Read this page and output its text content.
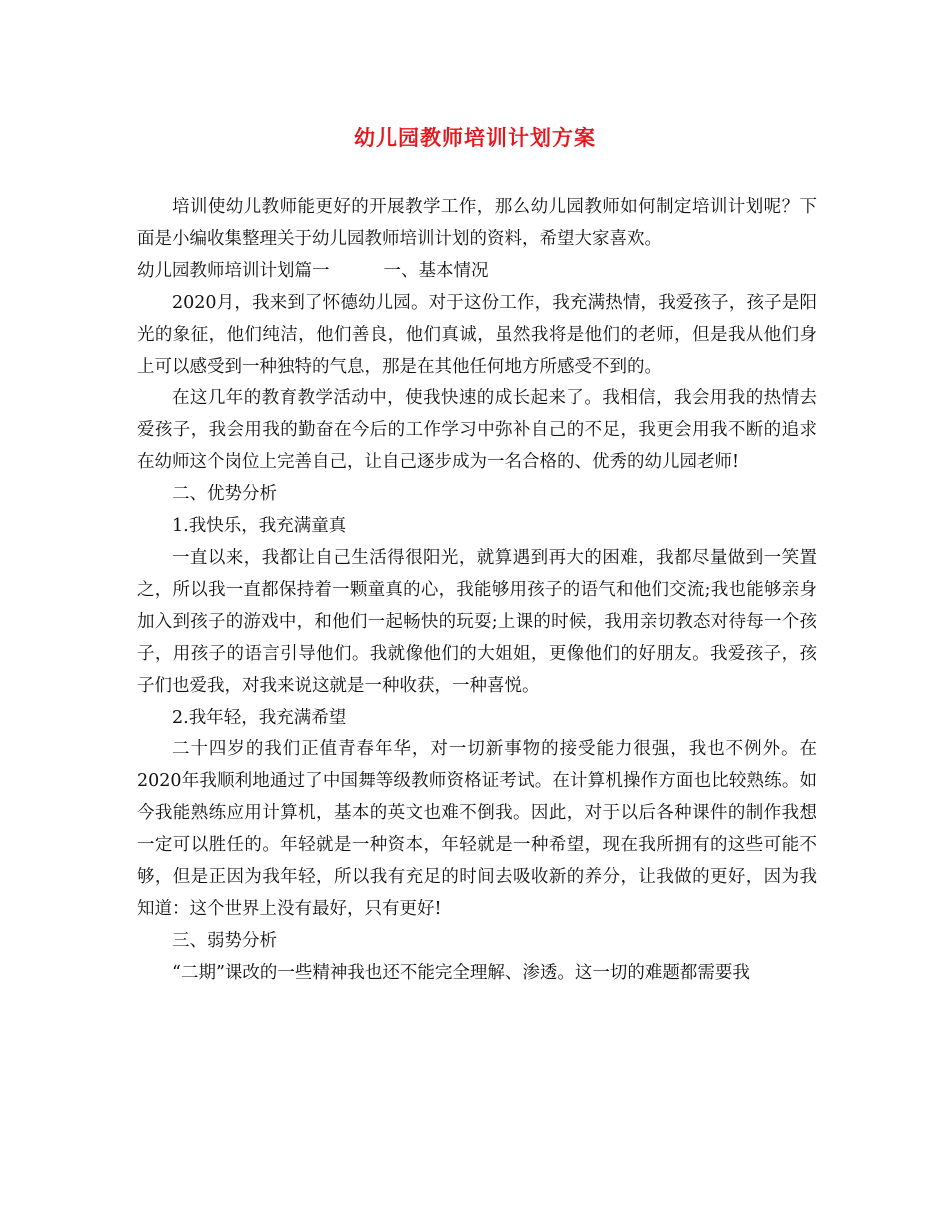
幼儿园教师培训计划方案

培训使幼儿教师能更好的开展教学工作，那么幼儿园教师如何制定培训计划呢？下面是小编收集整理关于幼儿园教师培训计划的资料，希望大家喜欢。

幼儿园教师培训计划篇一	一、基本情况

2020月，我来到了怀德幼儿园。对于这份工作，我充满热情，我爱孩子，孩子是阳光的象征，他们纯洁，他们善良，他们真诚，虽然我将是他们的老师，但是我从他们身上可以感受到一种独特的气息，那是在其他任何地方所感受不到的。

在这几年的教育教学活动中，使我快速的成长起来了。我相信，我会用我的热情去爱孩子，我会用我的勤奋在今后的工作学习中弥补自己的不足，我更会用我不断的追求在幼师这个岗位上完善自己，让自己逐步成为一名合格的、优秀的幼儿园老师!

二、优势分析

1.我快乐，我充满童真

一直以来，我都让自己生活得很阳光，就算遇到再大的困难，我都尽量做到一笑置之，所以我一直都保持着一颗童真的心，我能够用孩子的语气和他们交流;我也能够亲身加入到孩子的游戏中，和他们一起畅快的玩耍;上课的时候，我用亲切教态对待每一个孩子，用孩子的语言引导他们。我就像他们的大姐姐，更像他们的好朋友。我爱孩子，孩子们也爱我，对我来说这就是一种收获，一种喜悦。

2.我年轻，我充满希望

二十四岁的我们正值青春年华，对一切新事物的接受能力很强，我也不例外。在2020年我顺利地通过了中国舞等级教师资格证考试。在计算机操作方面也比较熟练。如今我能熟练应用计算机，基本的英文也难不倒我。因此，对于以后各种课件的制作我想一定可以胜任的。年轻就是一种资本，年轻就是一种希望，现在我所拥有的这些可能不够，但是正因为我年轻，所以我有充足的时间去吸收新的养分，让我做的更好，因为我知道：这个世界上没有最好，只有更好!

三、弱势分析

“二期”课改的一些精神我也还不能完全理解、渗透。这一切的难题都需要我
